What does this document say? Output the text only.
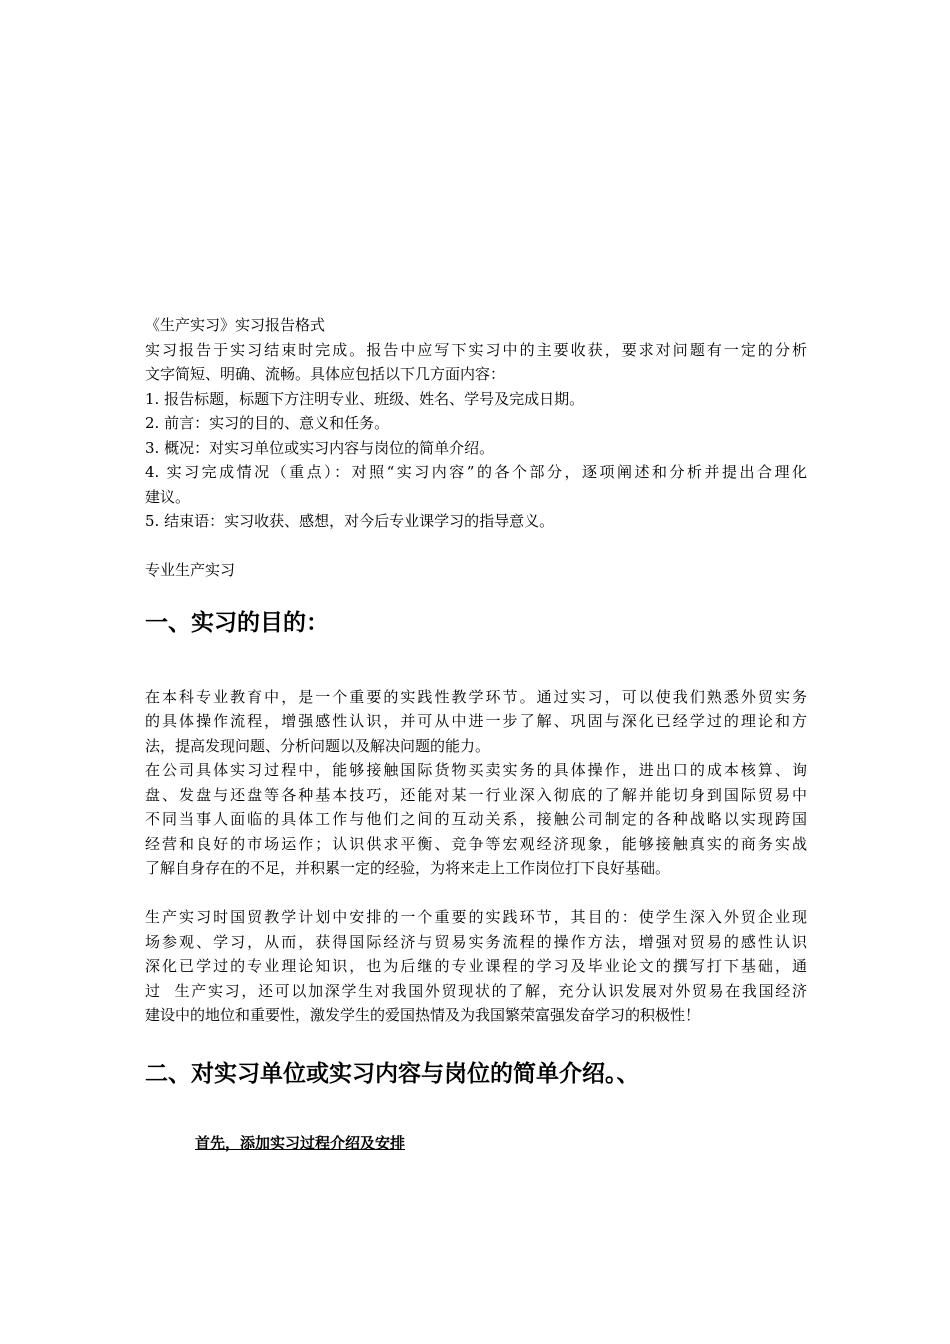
《生产实习》实习报告格式
实习报告于实习结束时完成。报告中应写下实习中的主要收获，要求对问题有一定的分析
文字简短、明确、流畅。具体应包括以下几方面内容：
1. 报告标题，标题下方注明专业、班级、姓名、学号及完成日期。
2. 前言：实习的目的、意义和任务。
3. 概况：对实习单位或实习内容与岗位的简单介绍。
4. 实习完成情况（重点）：对照“实习内容”的各个部分，逐项阐述和分析并提出合理化
建议。
5. 结束语：实习收获、感想，对今后专业课学习的指导意义。
专业生产实习
一、实习的目的：
在本科专业教育中，是一个重要的实践性教学环节。通过实习，可以使我们熟悉外贸实务
的具体操作流程，增强感性认识，并可从中进一步了解、巩固与深化已经学过的理论和方
法，提高发现问题、分析问题以及解决问题的能力。
在公司具体实习过程中，能够接触国际货物买卖实务的具体操作，进出口的成本核算、询
盘、发盘与还盘等各种基本技巧，还能对某一行业深入彻底的了解并能切身到国际贸易中
不同当事人面临的具体工作与他们之间的互动关系，接触公司制定的各种战略以实现跨国
经营和良好的市场运作；认识供求平衡、竞争等宏观经济现象，能够接触真实的商务实战
了解自身存在的不足，并积累一定的经验，为将来走上工作岗位打下良好基础。
生产实习时国贸教学计划中安排的一个重要的实践环节，其目的：使学生深入外贸企业现
场参观、学习，从而，获得国际经济与贸易实务流程的操作方法，增强对贸易的感性认识
深化已学过的专业理论知识，也为后继的专业课程的学习及毕业论文的撰写打下基础，通
过  生产实习，还可以加深学生对我国外贸现状的了解，充分认识发展对外贸易在我国经济
建设中的地位和重要性，激发学生的爱国热情及为我国繁荣富强发奋学习的积极性！
二、对实习单位或实习内容与岗位的简单介绍。、
首先，添加实习过程介绍及安排
